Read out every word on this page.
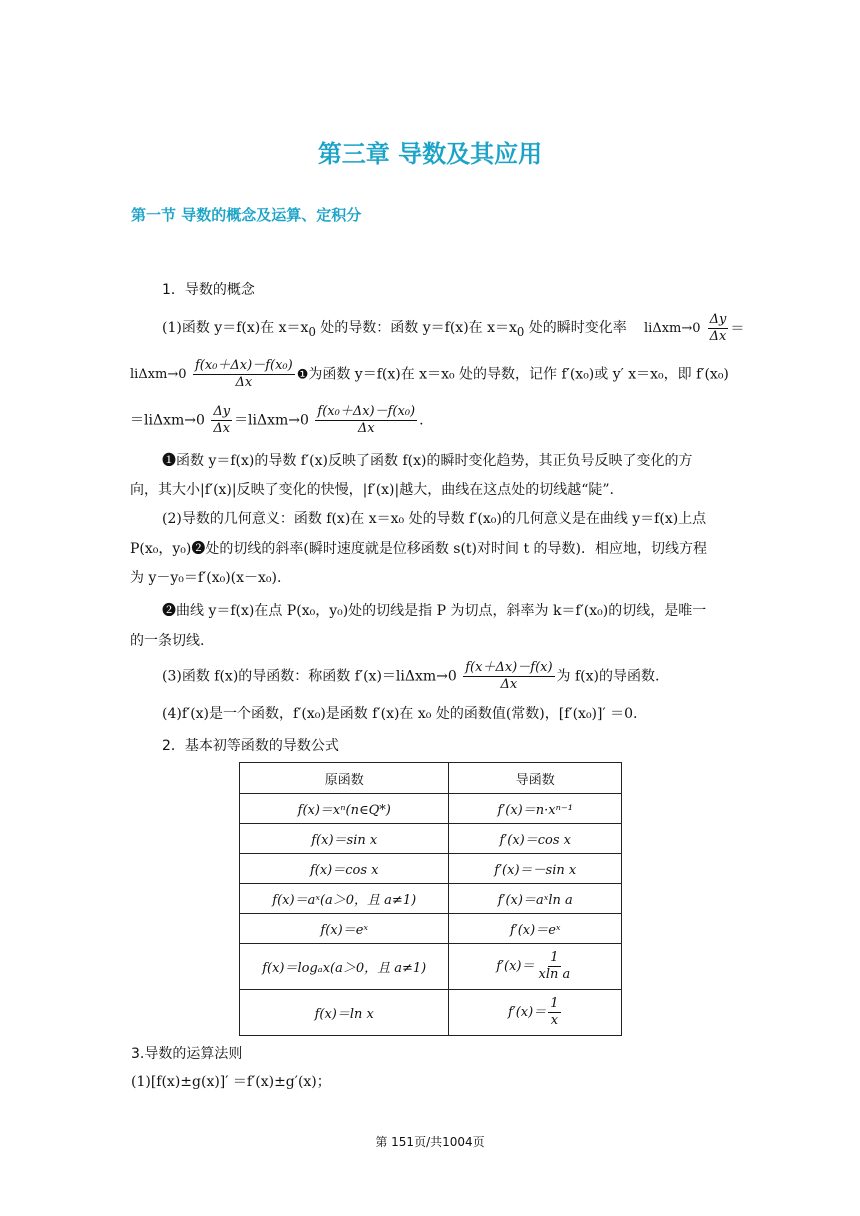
第三章 导数及其应用
第一节 导数的概念及运算、定积分
1．导数的概念
(1)函数 y＝f(x)在 $x=x_0$ 处的导数：函数 y＝f(x)在 $x=x_0$ 处的瞬时变化率 liΔxm→0
$\frac{\Delta y}{\Delta x}$ ＝
liΔxm→0
$\frac{\text{f(x₀＋Δx)－f(x₀)}}{\Delta x}$ ❶为函数 y＝f(x)在 x＝x₀ 处的导数，记作 f′(x₀)或 y′ x＝x₀，即 f′(x₀)
$=li\Delta xm\to 0 \frac{\Delta y}{\Delta x} =li\Delta xm\to 0 \frac{\text{f(x₀＋Δx)－f(x₀)}}{\Delta x}$ .
❶函数 y＝f(x)的导数 f′(x)反映了函数 f(x)的瞬时变化趋势，其正负号反映了变化的方
向，其大小|f′(x)|反映了变化的快慢，|f′(x)|越大，曲线在这点处的切线越“陡”.
(2)导数的几何意义：函数 f(x)在 x＝x₀ 处的导数 f′(x₀)的几何意义是在曲线 y＝f(x)上点
P(x₀，y₀)❷处的切线的斜率(瞬时速度就是位移函数 s(t)对时间 t 的导数)．相应地，切线方程
为 y－y₀＝f′(x₀)(x－x₀).
❷曲线 y＝f(x)在点 P(x₀，y₀)处的切线是指 P 为切点，斜率为 k＝f′(x₀)的切线，是唯一
的一条切线.
(3)函数 f(x)的导函数：称函数 $f'(x)=li\Delta xm\to 0 \frac{f(x+\Delta x)-f(x)}{\Delta x}$ 为 f(x)的导函数.
(4)f′(x)是一个函数，f′(x₀)是函数 f′(x)在 x₀ 处的函数值(常数)，[f′(x₀)]′ ＝0.
2．基本初等函数的导数公式
原函数	导函数
f(x)＝xⁿ(n∈Q*)	f′(x)＝n·xⁿ⁻¹
f(x)＝sin x	f′(x)＝cos x
f(x)＝cos x	f′(x)＝－sin x
f(x)＝aˣ(a＞0，且 a≠1)	f′(x)＝aˣln a
f(x)＝eˣ	f′(x)＝eˣ
f(x)＝logₐx(a＞0，且 a≠1)	$f'(x)= \frac{1}{\text{xln a}}$

f(x)＝ln x	$f'(x)= \frac{1}{x}$
3.导数的运算法则
(1)[f(x)±g(x)]′ ＝f′(x)±g′(x)；
第 151页/共1004页
